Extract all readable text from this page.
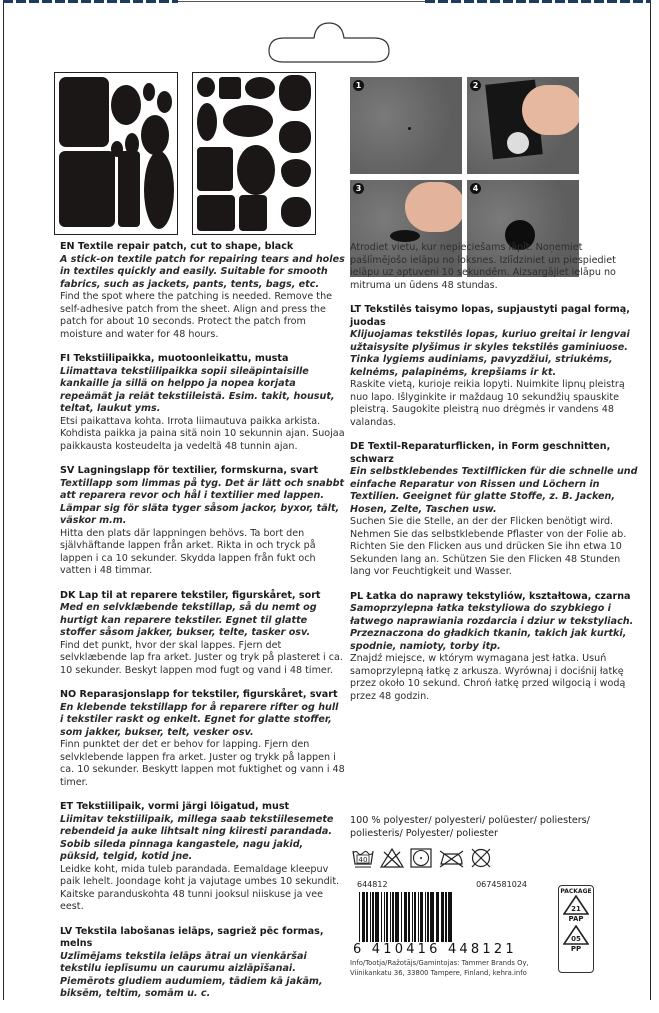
1	2
3	4
EN Textile repair patch, cut to shape, black
A stick-on textile patch for repairing tears and holes in textiles quickly and easily. Suitable for smooth fabrics, such as jackets, pants, tents, bags, etc.
Find the spot where the patching is needed. Remove the self-adhesive patch from the sheet. Align and press the patch for about 10 seconds. Protect the patch from moisture and water for 48 hours.
FI Tekstiilipaikka, muotoonleikattu, musta
Liimattava tekstiilipaikka sopii sileäpintaisille kankaille ja sillä on helppo ja nopea korjata repeämät ja reiät tekstiileistä. Esim. takit, housut, teltat, laukut yms.
Etsi paikattava kohta. Irrota liimautuva paikka arkista. Kohdista paikka ja paina sitä noin 10 sekunnin ajan. Suojaa paikkausta kosteudelta ja vedeltä 48 tunnin ajan.
SV Lagningslapp för textilier, formskurna, svart
Textillapp som limmas på tyg. Det är lätt och snabbt att reparera revor och hål i textilier med lappen. Lämpar sig för släta tyger såsom jackor, byxor, tält, väskor m.m.
Hitta den plats där lappningen behövs. Ta bort den självhäftande lappen från arket. Rikta in och tryck på lappen i ca 10 sekunder. Skydda lappen från fukt och vatten i 48 timmar.
DK Lap til at reparere tekstiler, figurskåret, sort
Med en selvklæbende tekstillap, så du nemt og hurtigt kan reparere tekstiler. Egnet til glatte stoffer såsom jakker, bukser, telte, tasker osv.
Find det punkt, hvor der skal lappes. Fjern det selvklæbende lap fra arket. Juster og tryk på plasteret i ca. 10 sekunder. Beskyt lappen mod fugt og vand i 48 timer.
NO Reparasjonslapp for tekstiler, figurskåret, svart
En klebende tekstillapp for å reparere rifter og hull i tekstiler raskt og enkelt. Egnet for glatte stoffer, som jakker, bukser, telt, vesker osv.
Finn punktet der det er behov for lapping. Fjern den selvklebende lappen fra arket. Juster og trykk på lappen i ca. 10 sekunder. Beskytt lappen mot fuktighet og vann i 48 timer.
ET Tekstiilipaik, vormi järgi lõigatud, must
Liimitav tekstiilipaik, millega saab tekstiilesemete rebendeid ja auke lihtsalt ning kiiresti parandada. Sobib sileda pinnaga kangastele, nagu jakid, püksid, telgid, kotid jne.
Leidke koht, mida tuleb parandada. Eemaldage kleepuv paik lehelt. Joondage koht ja vajutage umbes 10 sekundit. Kaitske paranduskohta 48 tunni jooksul niiskuse ja vee eest.
LV Tekstila labošanas ielāps, sagriež pēc formas, melns
Uzlīmējams tekstila ielāps ātrai un vienkāršai tekstilu ieplīsumu un caurumu aizlāpīšanai. Piemērots gludiem audumiem, tādiem kā jakām, biksēm, teltīm, somām u. c.
Atrodiet vietu, kur nepieciešams lāpīt. Noņemiet pašlīmējošo ielāpu no loksnes. Izlīdziniet un piespiediet ielāpu uz aptuveni 10 sekundēm. Aizsargājiet ielāpu no mitruma un ūdens 48 stundas.
LT Tekstilės taisymo lopas, supjaustyti pagal formą, juodas
Klijuojamas tekstilės lopas, kuriuo greitai ir lengvai užtaisysite plyšimus ir skyles tekstilės gaminiuose. Tinka lygiems audiniams, pavyzdžiui, striukėms, kelnėms, palapinėms, krepšiams ir kt.
Raskite vietą, kurioje reikia lopyti. Nuimkite lipnų pleistrą nuo lapo. Išlyginkite ir maždaug 10 sekundžių spauskite pleistrą. Saugokite pleistrą nuo drėgmės ir vandens 48 valandas.
DE Textil-Reparaturflicken, in Form geschnitten, schwarz
Ein selbstklebendes Textilflicken für die schnelle und einfache Reparatur von Rissen und Löchern in Textilien. Geeignet für glatte Stoffe, z. B. Jacken, Hosen, Zelte, Taschen usw.
Suchen Sie die Stelle, an der der Flicken benötigt wird. Nehmen Sie das selbstklebende Pflaster von der Folie ab. Richten Sie den Flicken aus und drücken Sie ihn etwa 10 Sekunden lang an. Schützen Sie den Flicken 48 Stunden lang vor Feuchtigkeit und Wasser.
PL Łatka do naprawy tekstyliów, kształtowa, czarna
Samoprzylepna łatka tekstyliowa do szybkiego i łatwego naprawiania rozdarcia i dziur w tekstyliach. Przeznaczona do gładkich tkanin, takich jak kurtki, spodnie, namioty, torby itp.
Znajdź miejsce, w którym wymagana jest łatka. Usuń samoprzylepną łatkę z arkusza. Wyrównaj i dociśnij łatkę przez około 10 sekund. Chroń łatkę przed wilgocią i wodą przez 48 godzin.
100 % polyester/ polyesteri/ polüester/ poliesters/ poliesteris/ Polyester/ poliester
40
644812	0674581024
6 410416 448121
Info/Tootja/Ražotājs/Gamintojas: Tammer Brands Oy, Viinikankatu 36, 33800 Tampere, Finland, kehra.info
PACKAGE
21
PAP
05
PP
